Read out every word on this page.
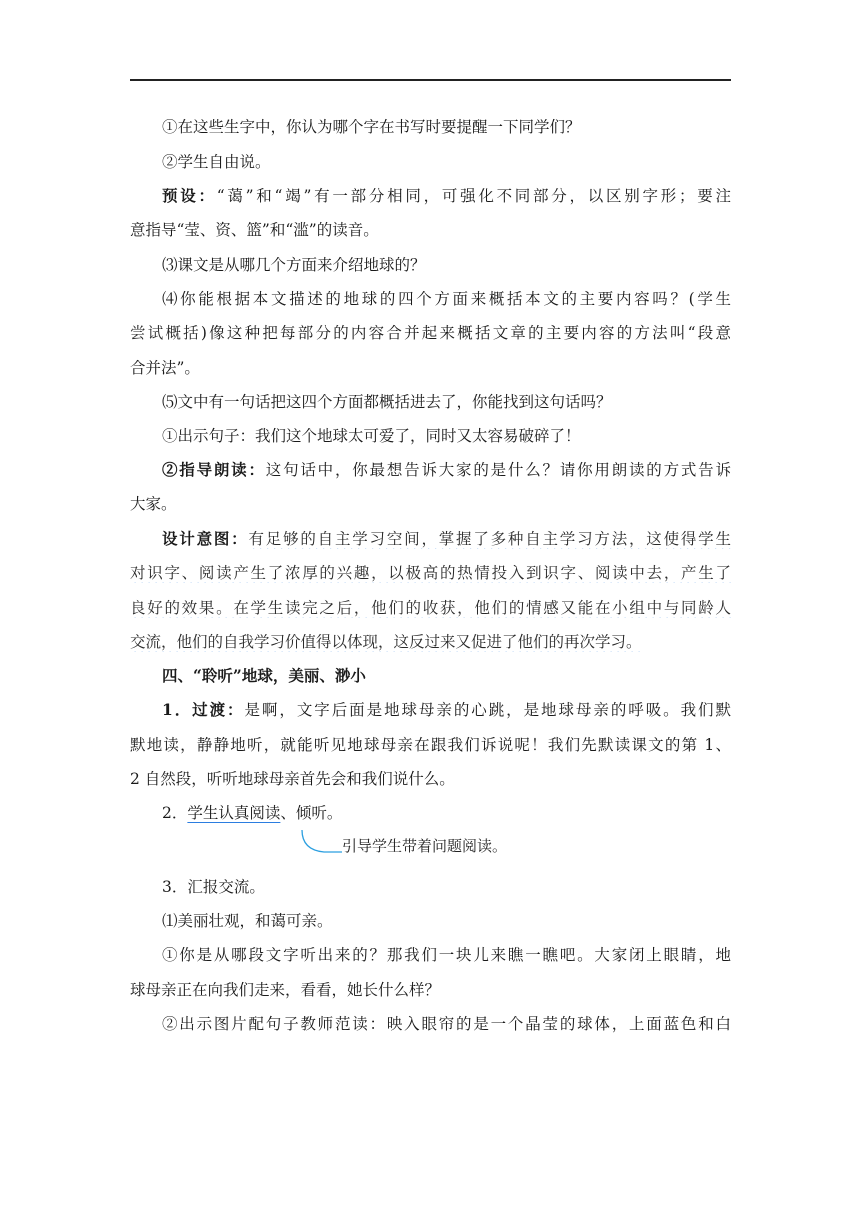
①在这些生字中，你认为哪个字在书写时要提醒一下同学们？
②学生自由说。
预设：“蔼”和“竭”有一部分相同，可强化不同部分，以区别字形；要注
意指导“莹、资、篮”和“滥”的读音。
⑶课文是从哪几个方面来介绍地球的？
⑷你能根据本文描述的地球的四个方面来概括本文的主要内容吗？(学生
尝试概括)像这种把每部分的内容合并起来概括文章的主要内容的方法叫“段意
合并法”。
⑸文中有一句话把这四个方面都概括进去了，你能找到这句话吗？
①出示句子：我们这个地球太可爱了，同时又太容易破碎了！
②指导朗读：这句话中，你最想告诉大家的是什么？请你用朗读的方式告诉
大家。
设计意图：有足够的自主学习空间，掌握了多种自主学习方法，这使得学生
对识字、阅读产生了浓厚的兴趣，以极高的热情投入到识字、阅读中去，产生了
良好的效果。在学生读完之后，他们的收获，他们的情感又能在小组中与同龄人
交流，他们的自我学习价值得以体现，这反过来又促进了他们的再次学习。
四、“聆听”地球，美丽、渺小
1．过渡：是啊，文字后面是地球母亲的心跳，是地球母亲的呼吸。我们默
默地读，静静地听，就能听见地球母亲在跟我们诉说呢！我们先默读课文的第 1、
2 自然段，听听地球母亲首先会和我们说什么。
2．学生认真阅读、倾听。
引导学生带着问题阅读。
3．汇报交流。
⑴美丽壮观，和蔼可亲。
①你是从哪段文字听出来的？那我们一块儿来瞧一瞧吧。大家闭上眼睛，地
球母亲正在向我们走来，看看，她长什么样？
②出示图片配句子教师范读：映入眼帘的是一个晶莹的球体，上面蓝色和白
